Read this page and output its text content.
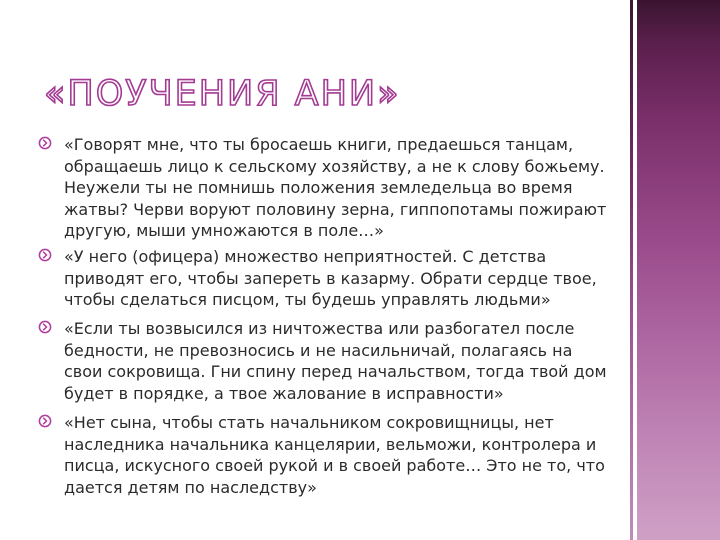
«ПОУЧЕНИЯ АНИ»

«Говорят мне, что ты бросаешь книги, предаешься танцам, обращаешь лицо к сельскому хозяйству, а не к слову божьему. Неужели ты не помнишь положения земледельца во время жатвы? Черви воруют половину зерна, гиппопотамы пожирают другую, мыши умножаются в поле…»

«У него (офицера) множество неприятностей. С детства приводят его, чтобы запереть в казарму. Обрати сердце твое, чтобы сделаться писцом, ты будешь управлять людьми»

«Если ты возвысился из ничтожества или разбогател после бедности, не превозносись и не насильничай, полагаясь на свои сокровища. Гни спину перед начальством, тогда твой дом будет в порядке, а твое жалование в исправности»

«Нет сына, чтобы стать начальником сокровищницы, нет наследника начальника канцелярии, вельможи, контролера и писца, искусного своей рукой и в своей работе… Это не то, что дается детям по наследству»
